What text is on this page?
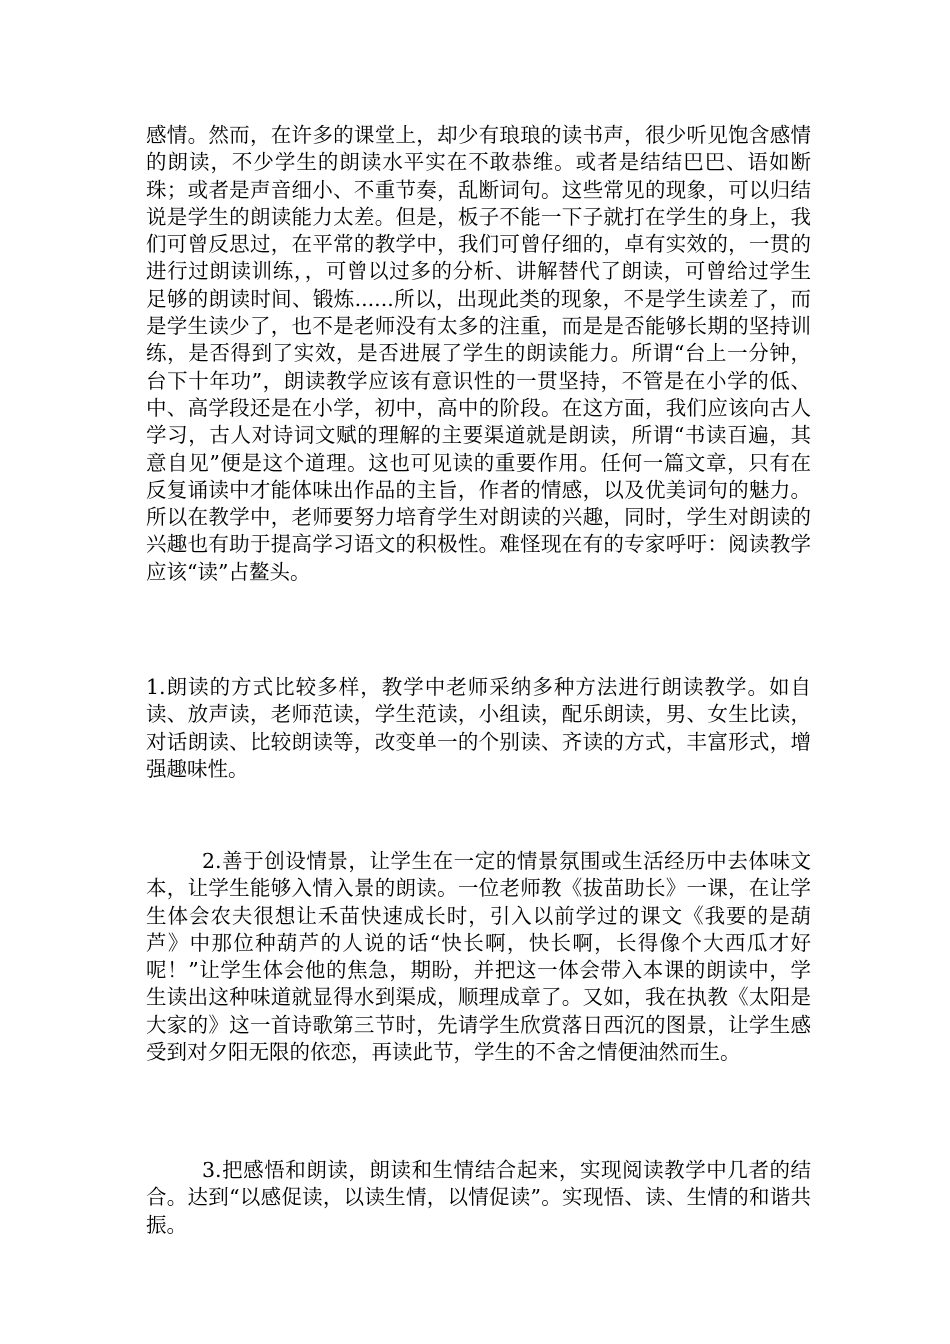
感情。然而，在许多的课堂上，却少有琅琅的读书声，很少听见饱含感情的朗读，不少学生的朗读水平实在不敢恭维。或者是结结巴巴、语如断珠；或者是声音细小、不重节奏，乱断词句。这些常见的现象，可以归结说是学生的朗读能力太差。但是，板子不能一下子就打在学生的身上，我们可曾反思过，在平常的教学中，我们可曾仔细的，卓有实效的，一贯的进行过朗读训练，，可曾以过多的分析、讲解替代了朗读，可曾给过学生足够的朗读时间、锻炼......所以，出现此类的现象，不是学生读差了，而是学生读少了，也不是老师没有太多的注重，而是是否能够长期的坚持训练，是否得到了实效，是否进展了学生的朗读能力。所谓“台上一分钟，台下十年功”，朗读教学应该有意识性的一贯坚持，不管是在小学的低、中、高学段还是在小学，初中，高中的阶段。在这方面，我们应该向古人学习，古人对诗词文赋的理解的主要渠道就是朗读，所谓“书读百遍，其意自见”便是这个道理。这也可见读的重要作用。任何一篇文章，只有在反复诵读中才能体味出作品的主旨，作者的情感，以及优美词句的魅力。所以在教学中，老师要努力培育学生对朗读的兴趣，同时，学生对朗读的兴趣也有助于提高学习语文的积极性。难怪现在有的专家呼吁：阅读教学应该“读”占鳌头。

1.朗读的方式比较多样，教学中老师采纳多种方法进行朗读教学。如自读、放声读，老师范读，学生范读，小组读，配乐朗读，男、女生比读，对话朗读、比较朗读等，改变单一的个别读、齐读的方式，丰富形式，增强趣味性。

2.善于创设情景，让学生在一定的情景氛围或生活经历中去体味文本，让学生能够入情入景的朗读。一位老师教《拔苗助长》一课，在让学生体会农夫很想让禾苗快速成长时，引入以前学过的课文《我要的是葫芦》中那位种葫芦的人说的话“快长啊，快长啊，长得像个大西瓜才好呢！”让学生体会他的焦急，期盼，并把这一体会带入本课的朗读中，学生读出这种味道就显得水到渠成，顺理成章了。又如，我在执教《太阳是大家的》这一首诗歌第三节时，先请学生欣赏落日西沉的图景，让学生感受到对夕阳无限的依恋，再读此节，学生的不舍之情便油然而生。

3.把感悟和朗读，朗读和生情结合起来，实现阅读教学中几者的结合。达到“以感促读，以读生情，以情促读”。实现悟、读、生情的和谐共振。
